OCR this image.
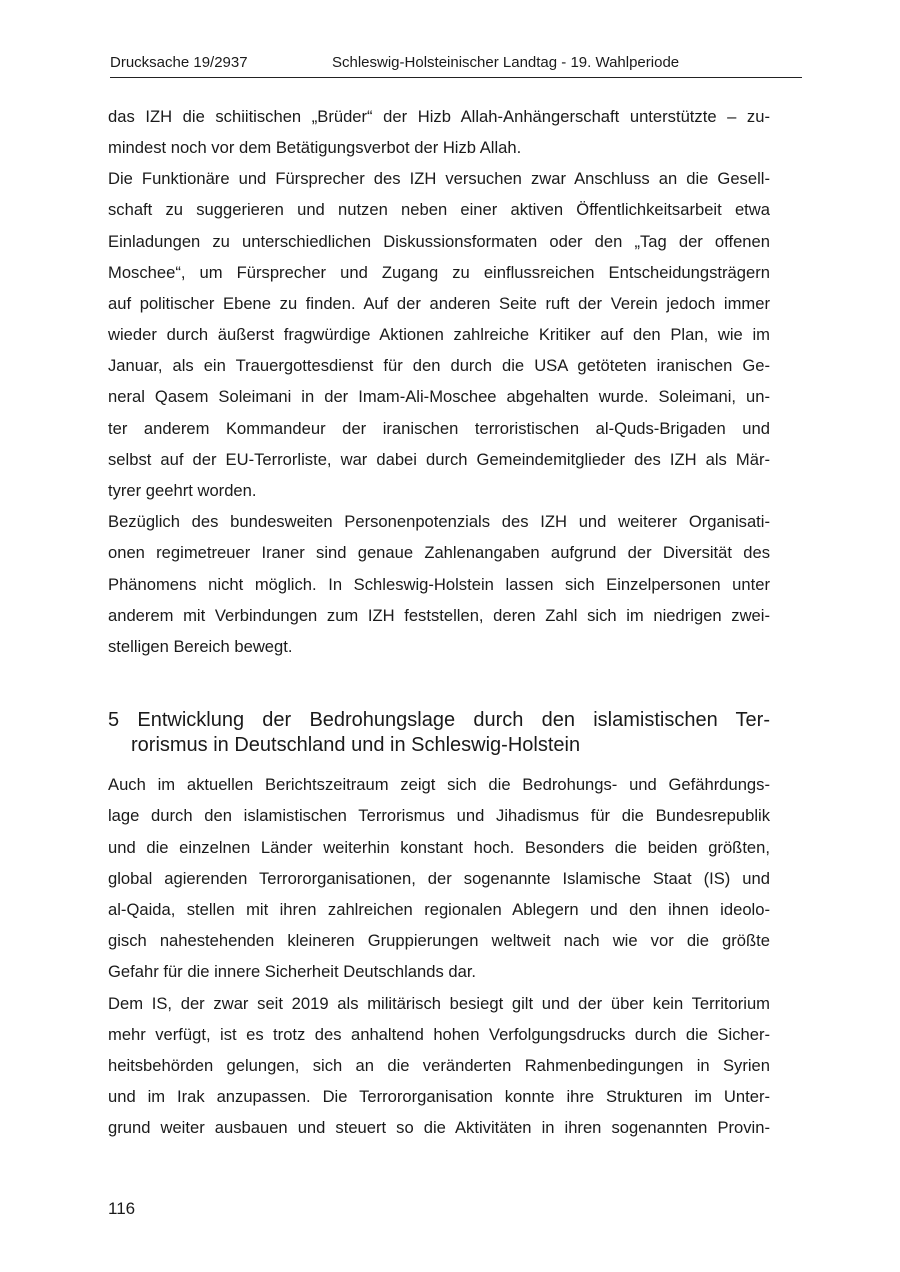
Drucksache 19/2937	Schleswig-Holsteinischer Landtag - 19. Wahlperiode
das IZH die schiitischen „Brüder“ der Hizb Allah-Anhängerschaft unterstützte – zu-
mindest noch vor dem Betätigungsverbot der Hizb Allah.
Die Funktionäre und Fürsprecher des IZH versuchen zwar Anschluss an die Gesell-
schaft zu suggerieren und nutzen neben einer aktiven Öffentlichkeitsarbeit etwa
Einladungen zu unterschiedlichen Diskussionsformaten oder den „Tag der offenen
Moschee“, um Fürsprecher und Zugang zu einflussreichen Entscheidungsträgern
auf politischer Ebene zu finden. Auf der anderen Seite ruft der Verein jedoch immer
wieder durch äußerst fragwürdige Aktionen zahlreiche Kritiker auf den Plan, wie im
Januar, als ein Trauergottesdienst für den durch die USA getöteten iranischen Ge-
neral Qasem Soleimani in der Imam-Ali-Moschee abgehalten wurde. Soleimani, un-
ter anderem Kommandeur der iranischen terroristischen al-Quds-Brigaden und
selbst auf der EU-Terrorliste, war dabei durch Gemeindemitglieder des IZH als Mär-
tyrer geehrt worden.
Bezüglich des bundesweiten Personenpotenzials des IZH und weiterer Organisati-
onen regimetreuer Iraner sind genaue Zahlenangaben aufgrund der Diversität des
Phänomens nicht möglich. In Schleswig-Holstein lassen sich Einzelpersonen unter
anderem mit Verbindungen zum IZH feststellen, deren Zahl sich im niedrigen zwei-
stelligen Bereich bewegt.
5 Entwicklung der Bedrohungslage durch den islamistischen Ter-
rorismus in Deutschland und in Schleswig-Holstein
Auch im aktuellen Berichtszeitraum zeigt sich die Bedrohungs- und Gefährdungs-
lage durch den islamistischen Terrorismus und Jihadismus für die Bundesrepublik
und die einzelnen Länder weiterhin konstant hoch. Besonders die beiden größten,
global agierenden Terrororganisationen, der sogenannte Islamische Staat (IS) und
al-Qaida, stellen mit ihren zahlreichen regionalen Ablegern und den ihnen ideolo-
gisch nahestehenden kleineren Gruppierungen weltweit nach wie vor die größte
Gefahr für die innere Sicherheit Deutschlands dar.
Dem IS, der zwar seit 2019 als militärisch besiegt gilt und der über kein Territorium
mehr verfügt, ist es trotz des anhaltend hohen Verfolgungsdrucks durch die Sicher-
heitsbehörden gelungen, sich an die veränderten Rahmenbedingungen in Syrien
und im Irak anzupassen. Die Terrororganisation konnte ihre Strukturen im Unter-
grund weiter ausbauen und steuert so die Aktivitäten in ihren sogenannten Provin-
116
